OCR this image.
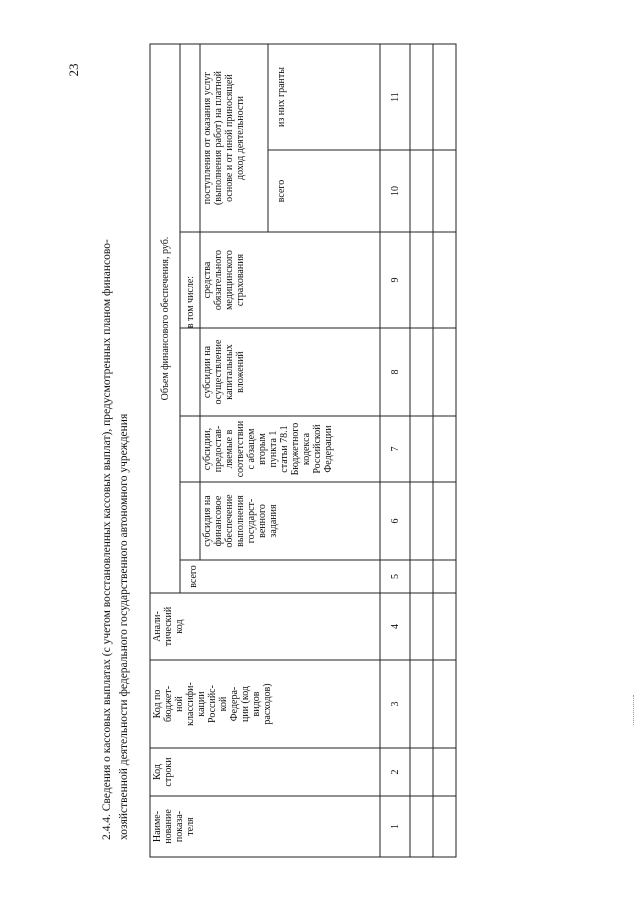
23
2.4.4. Сведения о кассовых выплатах (с учетом восстановленных кассовых выплат), предусмотренных планом финансово- хозяйственной деятельности федерального государственного автономного учреждения Наиме-
нование
показа-
теля
Код
строки
Код по
бюджет-
ной
классифи-
кации
Российс-
кой
Федера-
ции (код
видов
расходов)
Анали-
тический
код
Объем финансового обеспечения, руб.
всего
в том числе:
субсидия на
финансовое
обеспечение
выполнения
государст-
венного
задания
субсидии,
предостав-
ляемые в
соответствии
с абзацем
вторым
пункта 1
статьи 78.1
Бюджетного
кодекса
Российской
Федерации
субсидии на
осуществление
капитальных
вложений
средства
обязательного
медицинского
страхования
поступления от оказания услуг
(выполнения работ) на платной
основе и от иной приносящей
доход деятельности
всего
из них гранты
1
2
3
4
5
6
7
8
9
10
11
